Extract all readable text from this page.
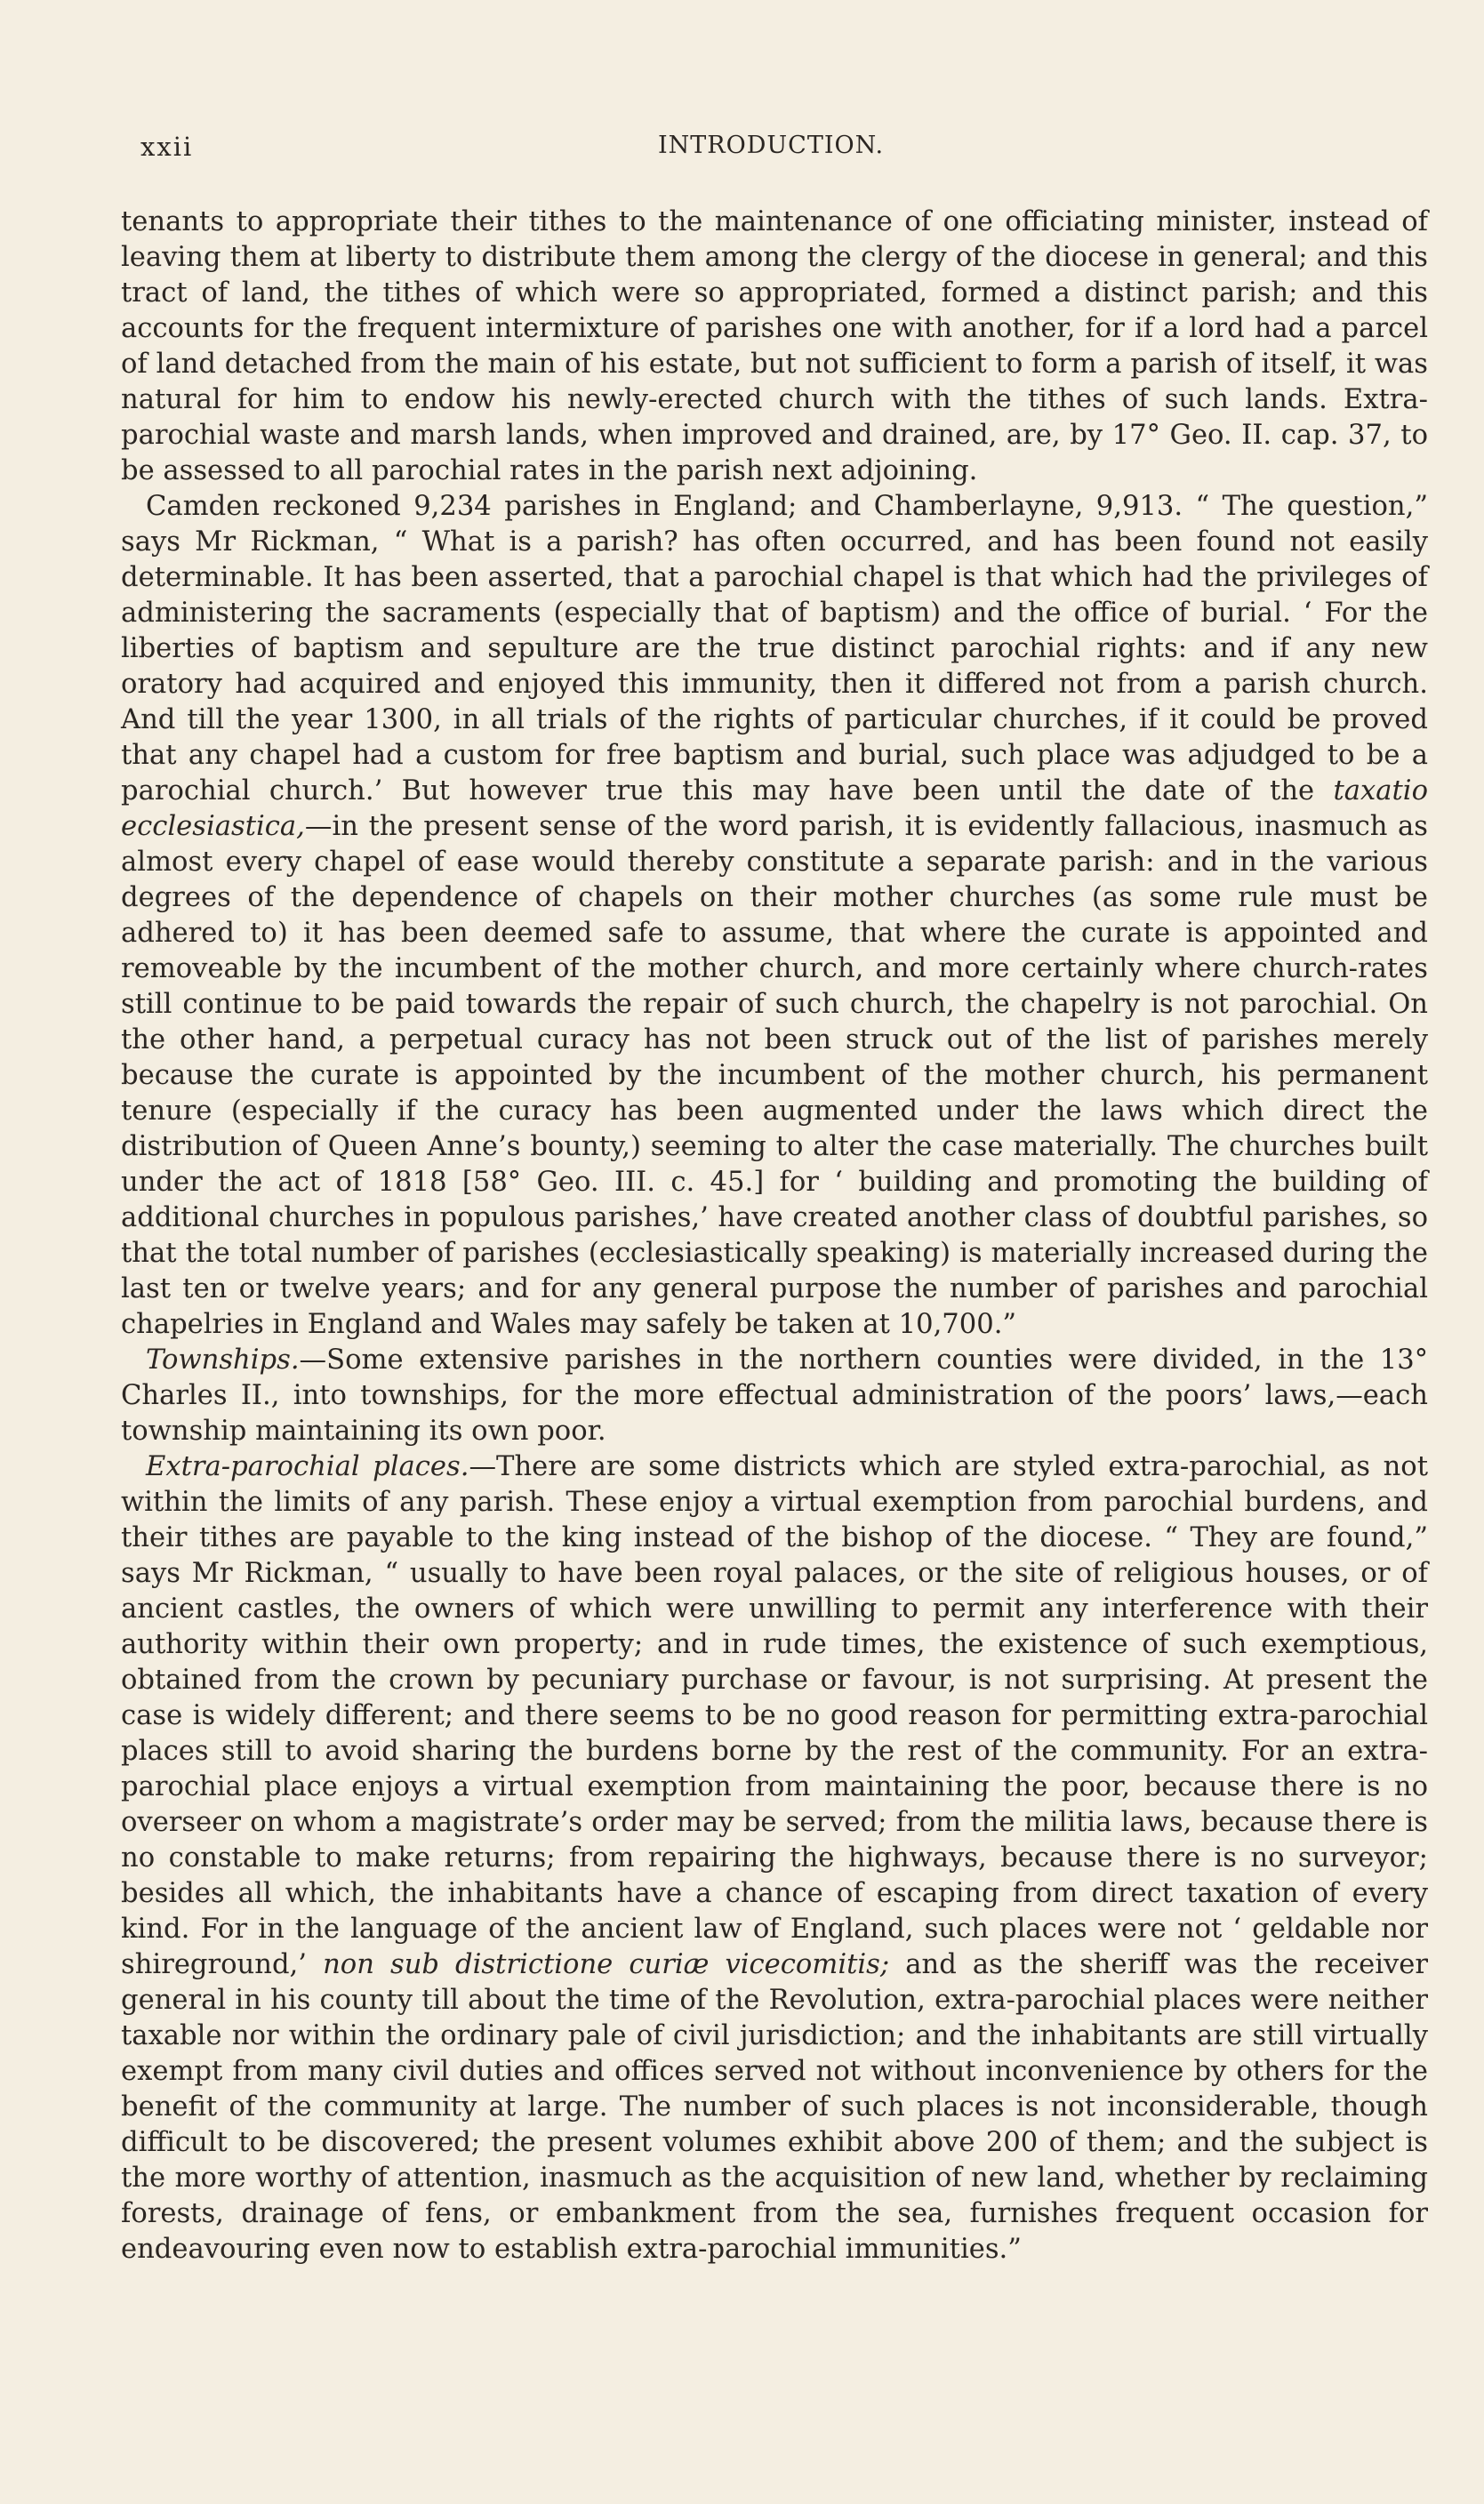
xxii	INTRODUCTION.

tenants to appropriate their tithes to the maintenance of one officiating minister, instead of leaving them at liberty to distribute them among the clergy of the diocese in general; and this tract of land, the tithes of which were so appropriated, formed a distinct parish; and this accounts for the frequent intermixture of parishes one with another, for if a lord had a parcel of land detached from the main of his estate, but not sufficient to form a parish of itself, it was natural for him to endow his newly-erected church with the tithes of such lands. Extra-parochial waste and marsh lands, when improved and drained, are, by 17° Geo. II. cap. 37, to be assessed to all parochial rates in the parish next adjoining.

Camden reckoned 9,234 parishes in England; and Chamberlayne, 9,913. “ The question,” says Mr Rickman, “ What is a parish? has often occurred, and has been found not easily determinable. It has been asserted, that a parochial chapel is that which had the privileges of administering the sacraments (especially that of baptism) and the office of burial. ‘ For the liberties of baptism and sepulture are the true distinct parochial rights: and if any new oratory had acquired and enjoyed this immunity, then it differed not from a parish church. And till the year 1300, in all trials of the rights of particular churches, if it could be proved that any chapel had a custom for free baptism and burial, such place was adjudged to be a parochial church.’ But however true this may have been until the date of the taxatio ecclesiastica,—in the present sense of the word parish, it is evidently fallacious, inasmuch as almost every chapel of ease would thereby constitute a separate parish: and in the various degrees of the dependence of chapels on their mother churches (as some rule must be adhered to) it has been deemed safe to assume, that where the curate is appointed and removeable by the incumbent of the mother church, and more certainly where church-rates still continue to be paid towards the repair of such church, the chapelry is not parochial. On the other hand, a perpetual curacy has not been struck out of the list of parishes merely because the curate is appointed by the incumbent of the mother church, his permanent tenure (especially if the curacy has been augmented under the laws which direct the distribution of Queen Anne’s bounty,) seeming to alter the case materially. The churches built under the act of 1818 [58° Geo. III. c. 45.] for ‘ building and promoting the building of additional churches in populous parishes,’ have created another class of doubtful parishes, so that the total number of parishes (ecclesiastically speaking) is materially increased during the last ten or twelve years; and for any general purpose the number of parishes and parochial chapelries in England and Wales may safely be taken at 10,700.”

Townships.—Some extensive parishes in the northern counties were divided, in the 13° Charles II., into townships, for the more effectual administration of the poors’ laws,—each township maintaining its own poor.

Extra-parochial places.—There are some districts which are styled extra-parochial, as not within the limits of any parish. These enjoy a virtual exemption from parochial burdens, and their tithes are payable to the king instead of the bishop of the diocese. “ They are found,” says Mr Rickman, “ usually to have been royal palaces, or the site of religious houses, or of ancient castles, the owners of which were unwilling to permit any interference with their authority within their own property; and in rude times, the existence of such exemptious, obtained from the crown by pecuniary purchase or favour, is not surprising. At present the case is widely different; and there seems to be no good reason for permitting extra-parochial places still to avoid sharing the burdens borne by the rest of the community. For an extra-parochial place enjoys a virtual exemption from maintaining the poor, because there is no overseer on whom a magistrate’s order may be served; from the militia laws, because there is no constable to make returns; from repairing the highways, because there is no surveyor; besides all which, the inhabitants have a chance of escaping from direct taxation of every kind. For in the language of the ancient law of England, such places were not ‘ geldable nor shireground,’ non sub districtione curiæ vicecomitis; and as the sheriff was the receiver general in his county till about the time of the Revolution, extra-parochial places were neither taxable nor within the ordinary pale of civil jurisdiction; and the inhabitants are still virtually exempt from many civil duties and offices served not without inconvenience by others for the benefit of the community at large. The number of such places is not inconsiderable, though difficult to be discovered; the present volumes exhibit above 200 of them; and the subject is the more worthy of attention, inasmuch as the acquisition of new land, whether by reclaiming forests, drainage of fens, or embankment from the sea, furnishes frequent occasion for endeavouring even now to establish extra-parochial immunities.”
